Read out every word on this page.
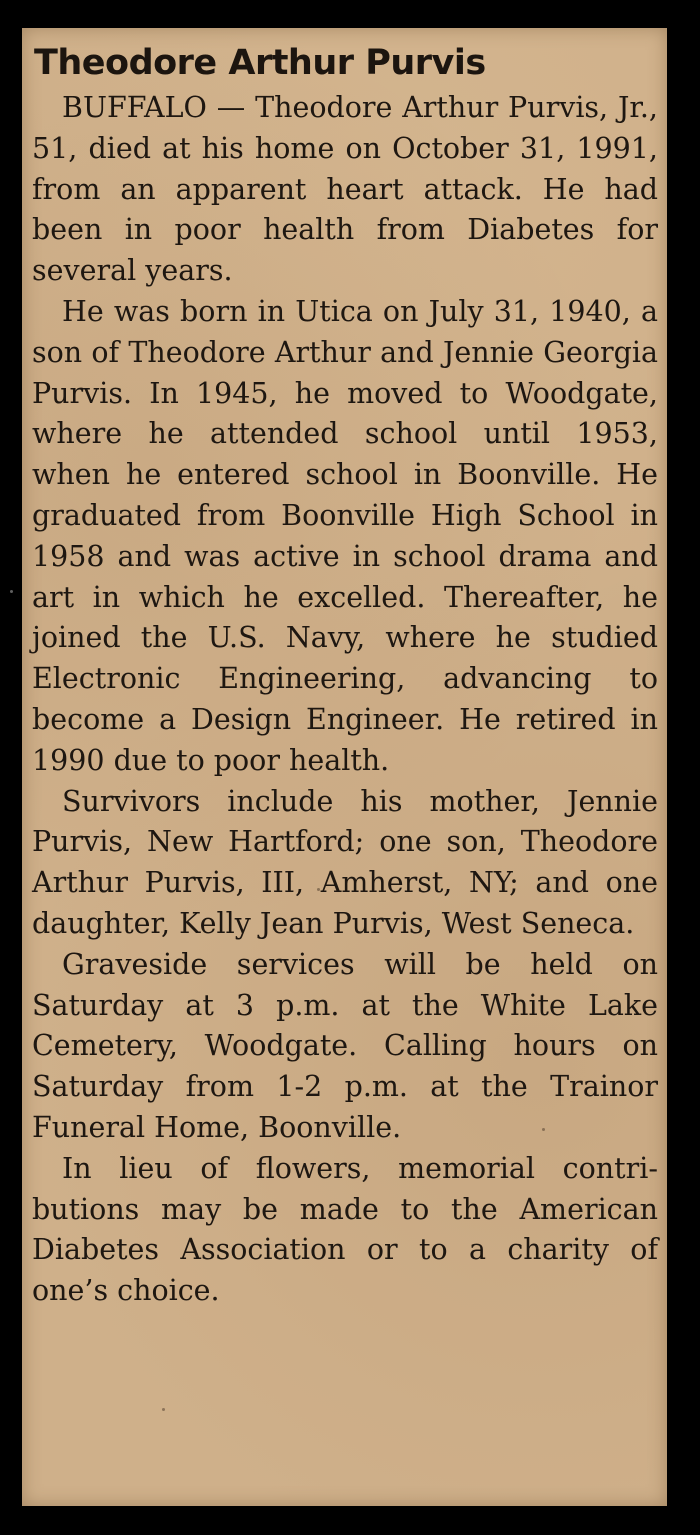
Theodore Arthur Purvis

BUFFALO — Theodore Arthur Purvis, Jr., 51, died at his home on October 31, 1991, from an apparent heart attack. He had been in poor health from Diabetes for several years.

He was born in Utica on July 31, 1940, a son of Theodore Arthur and Jennie Georgia Purvis. In 1945, he moved to Woodgate, where he attended school until 1953, when he entered school in Boonville. He graduated from Boonville High School in 1958 and was active in school drama and art in which he excelled. Thereafter, he joined the U.S. Navy, where he studied Electronic Engineering, advancing to become a Design Engineer. He retired in 1990 due to poor health.

Survivors include his mother, Jennie Purvis, New Hartford; one son, Theodore Arthur Purvis, III, Amherst, NY; and one daughter, Kelly Jean Purvis, West Seneca.

Graveside services will be held on Saturday at 3 p.m. at the White Lake Cemetery, Woodgate. Calling hours on Saturday from 1-2 p.m. at the Trainor Funeral Home, Boonville.

In lieu of flowers, memorial contributions may be made to the American Diabetes Association or to a charity of one’s choice.
